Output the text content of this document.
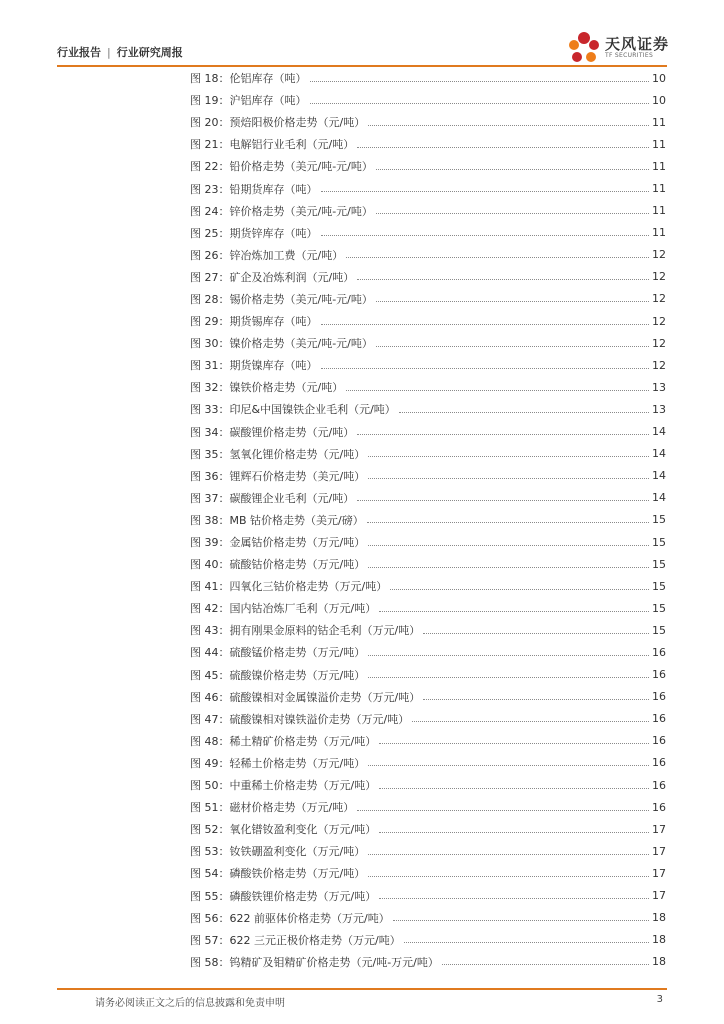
行业报告 | 行业研究周报	天风证券
TF SECURITIES
图 18：伦铝库存（吨）	10
图 19：沪铝库存（吨）	10
图 20：预焙阳极价格走势（元/吨）	11
图 21：电解铝行业毛利（元/吨）	11
图 22：铅价格走势（美元/吨-元/吨）	11
图 23：铅期货库存（吨）	11
图 24：锌价格走势（美元/吨-元/吨）	11
图 25：期货锌库存（吨）	11
图 26：锌冶炼加工费（元/吨）	12
图 27：矿企及冶炼利润（元/吨）	12
图 28：锡价格走势（美元/吨-元/吨）	12
图 29：期货锡库存（吨）	12
图 30：镍价格走势（美元/吨-元/吨）	12
图 31：期货镍库存（吨）	12
图 32：镍铁价格走势（元/吨）	13
图 33：印尼&中国镍铁企业毛利（元/吨）	13
图 34：碳酸锂价格走势（元/吨）	14
图 35：氢氧化锂价格走势（元/吨）	14
图 36：锂辉石价格走势（美元/吨）	14
图 37：碳酸锂企业毛利（元/吨）	14
图 38：MB 钴价格走势（美元/磅）	15
图 39：金属钴价格走势（万元/吨）	15
图 40：硫酸钴价格走势（万元/吨）	15
图 41：四氧化三钴价格走势（万元/吨）	15
图 42：国内钴冶炼厂毛利（万元/吨）	15
图 43：拥有刚果金原料的钴企毛利（万元/吨）	15
图 44：硫酸锰价格走势（万元/吨）	16
图 45：硫酸镍价格走势（万元/吨）	16
图 46：硫酸镍相对金属镍溢价走势（万元/吨）	16
图 47：硫酸镍相对镍铁溢价走势（万元/吨）	16
图 48：稀土精矿价格走势（万元/吨）	16
图 49：轻稀土价格走势（万元/吨）	16
图 50：中重稀土价格走势（万元/吨）	16
图 51：磁材价格走势（万元/吨）	16
图 52：氧化镨钕盈利变化（万元/吨）	17
图 53：钕铁硼盈利变化（万元/吨）	17
图 54：磷酸铁价格走势（万元/吨）	17
图 55：磷酸铁锂价格走势（万元/吨）	17
图 56：622 前驱体价格走势（万元/吨）	18
图 57：622 三元正极价格走势（万元/吨）	18
图 58：钨精矿及钼精矿价格走势（元/吨-万元/吨）	18
请务必阅读正文之后的信息披露和免责申明	3
